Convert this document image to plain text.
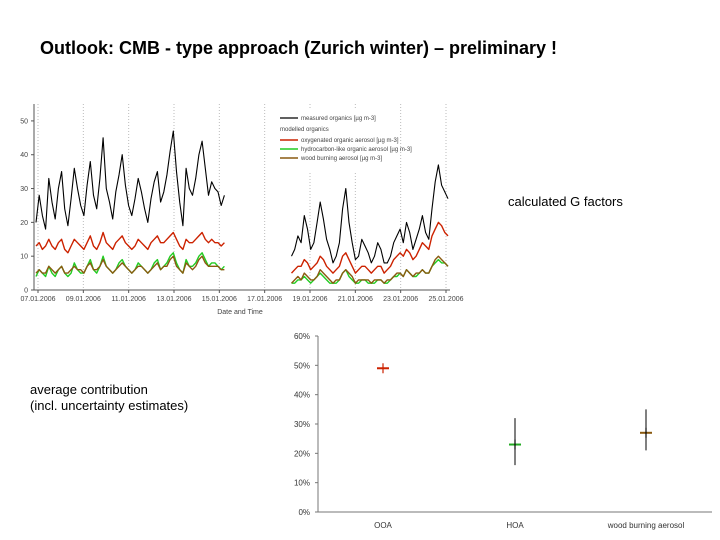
Outlook: CMB - type approach (Zurich winter) – preliminary !
calculated G factors
average contribution
(incl. uncertainty estimates)
0
10
20
30
40
50
07.01.2006 09.01.2006 11.01.2006 13.01.2006 15.01.2006 17.01.2006 19.01.2006 21.01.2006 23.01.2006 25.01.2006
Date and Time
measured organics [µg m-3]
modelled organics
oxygenated organic aerosol [µg m-3]
hydrocarbon-like organic aerosol [µg m-3]
wood burning aerosol [µg m-3]
0%
10%
20%
30%
40%
50%
60%
OOA	HOA	wood burning aerosol
